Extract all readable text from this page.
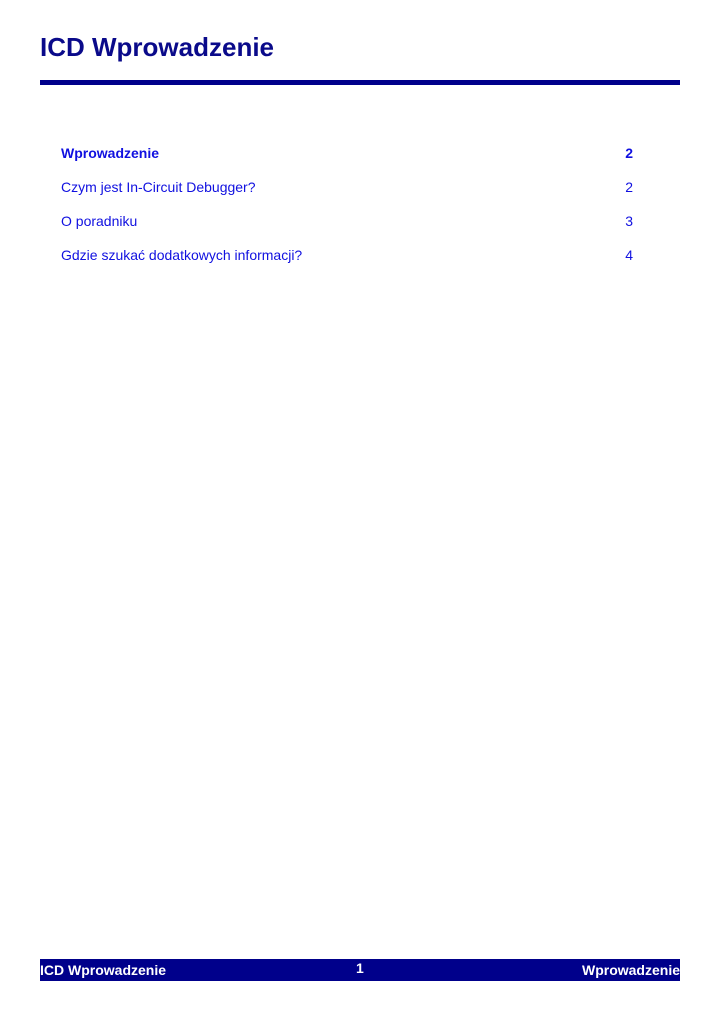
ICD Wprowadzenie
Wprowadzenie	2
Czym jest In-Circuit Debugger?	2
O poradniku	3
Gdzie szukać dodatkowych informacji?	4
ICD Wprowadzenie	1	Wprowadzenie
